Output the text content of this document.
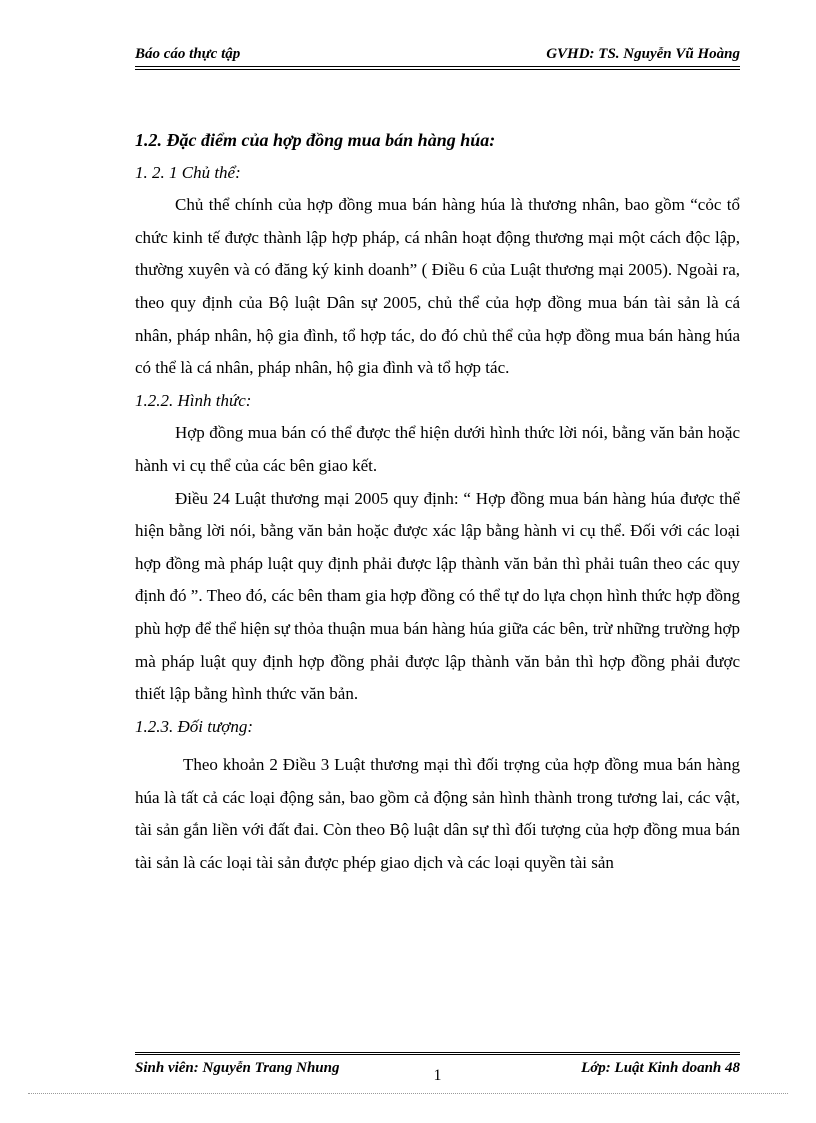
Báo cáo thực tập	GVHD: TS. Nguyễn Vũ Hoàng

1.2. Đặc điểm của hợp đồng mua bán hàng húa:

1. 2. 1 Chủ thể:

Chủ thể chính của hợp đồng mua bán hàng húa là thương nhân, bao gồm “cỏc tổ chức kinh tế được thành lập hợp pháp, cá nhân hoạt động thương mại một cách độc lập, thường xuyên và có đăng ký kinh doanh” ( Điều 6 của Luật thương mại 2005). Ngoài ra, theo quy định của Bộ luật Dân sự 2005, chủ thể của hợp đồng mua bán tài sản là cá nhân, pháp nhân, hộ gia đình, tổ hợp tác, do đó chủ thể của hợp đồng mua bán hàng húa có thể là cá nhân, pháp nhân, hộ gia đình và tổ hợp tác.

1.2.2. Hình thức:

Hợp đồng mua bán có thể được thể hiện dưới hình thức lời nói, bằng văn bản hoặc hành vi cụ thể của các bên giao kết.

Điều 24 Luật thương mại 2005 quy định: “ Hợp đồng mua bán hàng húa được thể hiện bằng lời nói, bằng văn bản hoặc được xác lập bằng hành vi cụ thể. Đối với các loại hợp đồng mà pháp luật quy định phải được lập thành văn bản thì phải tuân theo các quy định đó ”. Theo đó, các bên tham gia hợp đồng có thể tự do lựa chọn hình thức hợp đồng phù hợp để thể hiện sự thỏa thuận mua bán hàng húa giữa các bên, trừ những trường hợp mà pháp luật quy định hợp đồng phải được lập thành văn bản thì hợp đồng phải được thiết lập bằng hình thức văn bản.

1.2.3. Đối tượng:

Theo khoản 2 Điều 3 Luật thương mại thì đối trợng của hợp đồng mua bán hàng húa là tất cả các loại động sản, bao gồm cả động sản hình thành trong tương lai, các vật, tài sản gắn liền với đất đai. Còn theo Bộ luật dân sự thì đối tượng của hợp đồng mua bán tài sản là các loại tài sản được phép giao dịch và các loại quyền tài sản

Sinh viên: Nguyễn Trang Nhung	1	Lớp: Luật Kinh doanh 48
